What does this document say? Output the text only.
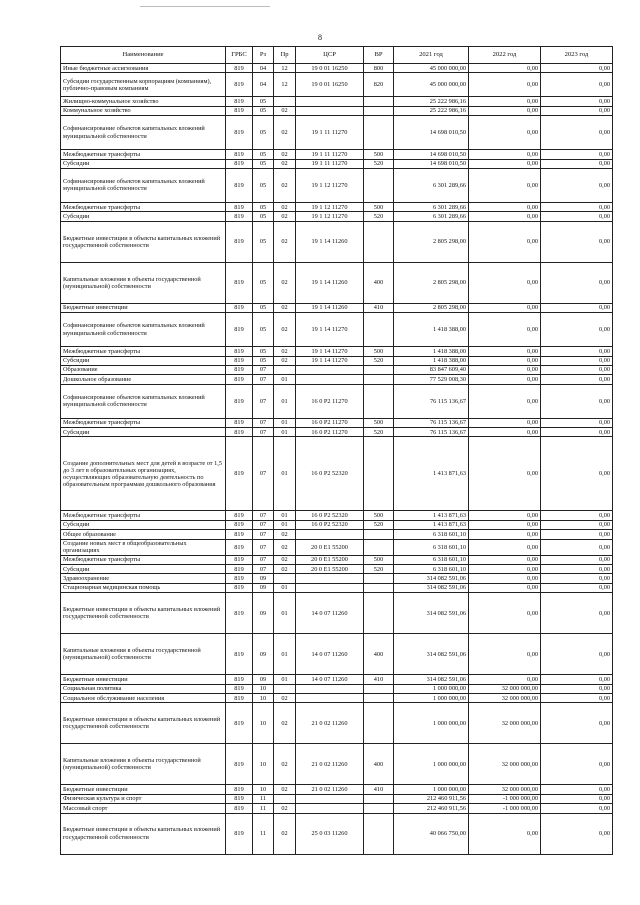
8
Наименование	ГРБС	Рз	Пр	ЦСР	ВР	2021 год	2022 год	2023 год
Иные бюджетные ассигнования	819	04	12	19 0 01 16250	800	45 000 000,00	0,00	0,00
Субсидии государственным корпорациям (компаниям), публично-правовым компаниям	819	04	12	19 0 01 16250	820	45 000 000,00	0,00	0,00
Жилищно-коммунальное хозяйство	819	05				25 222 986,16	0,00	0,00
Коммунальное хозяйство	819	05	02			25 222 986,16	0,00	0,00
Софинансирование объектов капитальных вложений муниципальной собственности	819	05	02	19 1 11 11270		14 698 010,50	0,00	0,00
Межбюджетные трансферты	819	05	02	19 1 11 11270	500	14 698 010,50	0,00	0,00
Субсидии	819	05	02	19 1 11 11270	520	14 698 010,50	0,00	0,00
Софинансирование объектов капитальных вложений муниципальной собственности	819	05	02	19 1 12 11270		6 301 289,66	0,00	0,00
Межбюджетные трансферты	819	05	02	19 1 12 11270	500	6 301 289,66	0,00	0,00
Субсидии	819	05	02	19 1 12 11270	520	6 301 289,66	0,00	0,00
Бюджетные инвестиции в объекты капитальных вложений государственной собственности	819	05	02	19 1 14 11260		2 805 298,00	0,00	0,00
Капитальные вложения в объекты государственной (муниципальной) собственности	819	05	02	19 1 14 11260	400	2 805 298,00	0,00	0,00
Бюджетные инвестиции	819	05	02	19 1 14 11260	410	2 805 298,00	0,00	0,00
Софинансирование объектов капитальных вложений муниципальной собственности	819	05	02	19 1 14 11270		1 418 388,00	0,00	0,00
Межбюджетные трансферты	819	05	02	19 1 14 11270	500	1 418 388,00	0,00	0,00
Субсидии	819	05	02	19 1 14 11270	520	1 418 388,00	0,00	0,00
Образование	819	07				83 847 609,40	0,00	0,00
Дошкольное образование	819	07	01			77 529 008,30	0,00	0,00
Софинансирование объектов капитальных вложений муниципальной собственности	819	07	01	16 0 P2 11270		76 115 136,67	0,00	0,00
Межбюджетные трансферты	819	07	01	16 0 P2 11270	500	76 115 136,67	0,00	0,00
Субсидии	819	07	01	16 0 P2 11270	520	76 115 136,67	0,00	0,00
Создание дополнительных мест для детей в возрасте от 1,5 до 3 лет в образовательных организациях, осуществляющих образовательную деятельность по образовательным программам дошкольного образования	819	07	01	16 0 P2 52320		1 413 871,63	0,00	0,00
Межбюджетные трансферты	819	07	01	16 0 P2 52320	500	1 413 871,63	0,00	0,00
Субсидии	819	07	01	16 0 P2 52320	520	1 413 871,63	0,00	0,00
Общее образование	819	07	02			6 318 601,10	0,00	0,00
Создание новых мест в общеобразовательных организациях	819	07	02	20 0 E1 55200		6 318 601,10	0,00	0,00
Межбюджетные трансферты	819	07	02	20 0 E1 55200	500	6 318 601,10	0,00	0,00
Субсидии	819	07	02	20 0 E1 55200	520	6 318 601,10	0,00	0,00
Здравоохранение	819	09				314 082 591,06	0,00	0,00
Стационарная медицинская помощь	819	09	01			314 082 591,06	0,00	0,00
Бюджетные инвестиции в объекты капитальных вложений государственной собственности	819	09	01	14 0 07 11260		314 082 591,06	0,00	0,00
Капитальные вложения в объекты государственной (муниципальной) собственности	819	09	01	14 0 07 11260	400	314 082 591,06	0,00	0,00
Бюджетные инвестиции	819	09	01	14 0 07 11260	410	314 082 591,06	0,00	0,00
Социальная политика	819	10				1 000 000,00	32 000 000,00	0,00
Социальное обслуживание населения	819	10	02			1 000 000,00	32 000 000,00	0,00
Бюджетные инвестиции в объекты капитальных вложений государственной собственности	819	10	02	21 0 02 11260		1 000 000,00	32 000 000,00	0,00
Капитальные вложения в объекты государственной (муниципальной) собственности	819	10	02	21 0 02 11260	400	1 000 000,00	32 000 000,00	0,00
Бюджетные инвестиции	819	10	02	21 0 02 11260	410	1 000 000,00	32 000 000,00	0,00
Физическая культура и спорт	819	11				212 460 911,56	-1 000 000,00	0,00
Массовый спорт	819	11	02			212 460 911,56	-1 000 000,00	0,00
Бюджетные инвестиции в объекты капитальных вложений государственной собственности	819	11	02	25 0 03 11260		40 066 750,00	0,00	0,00
